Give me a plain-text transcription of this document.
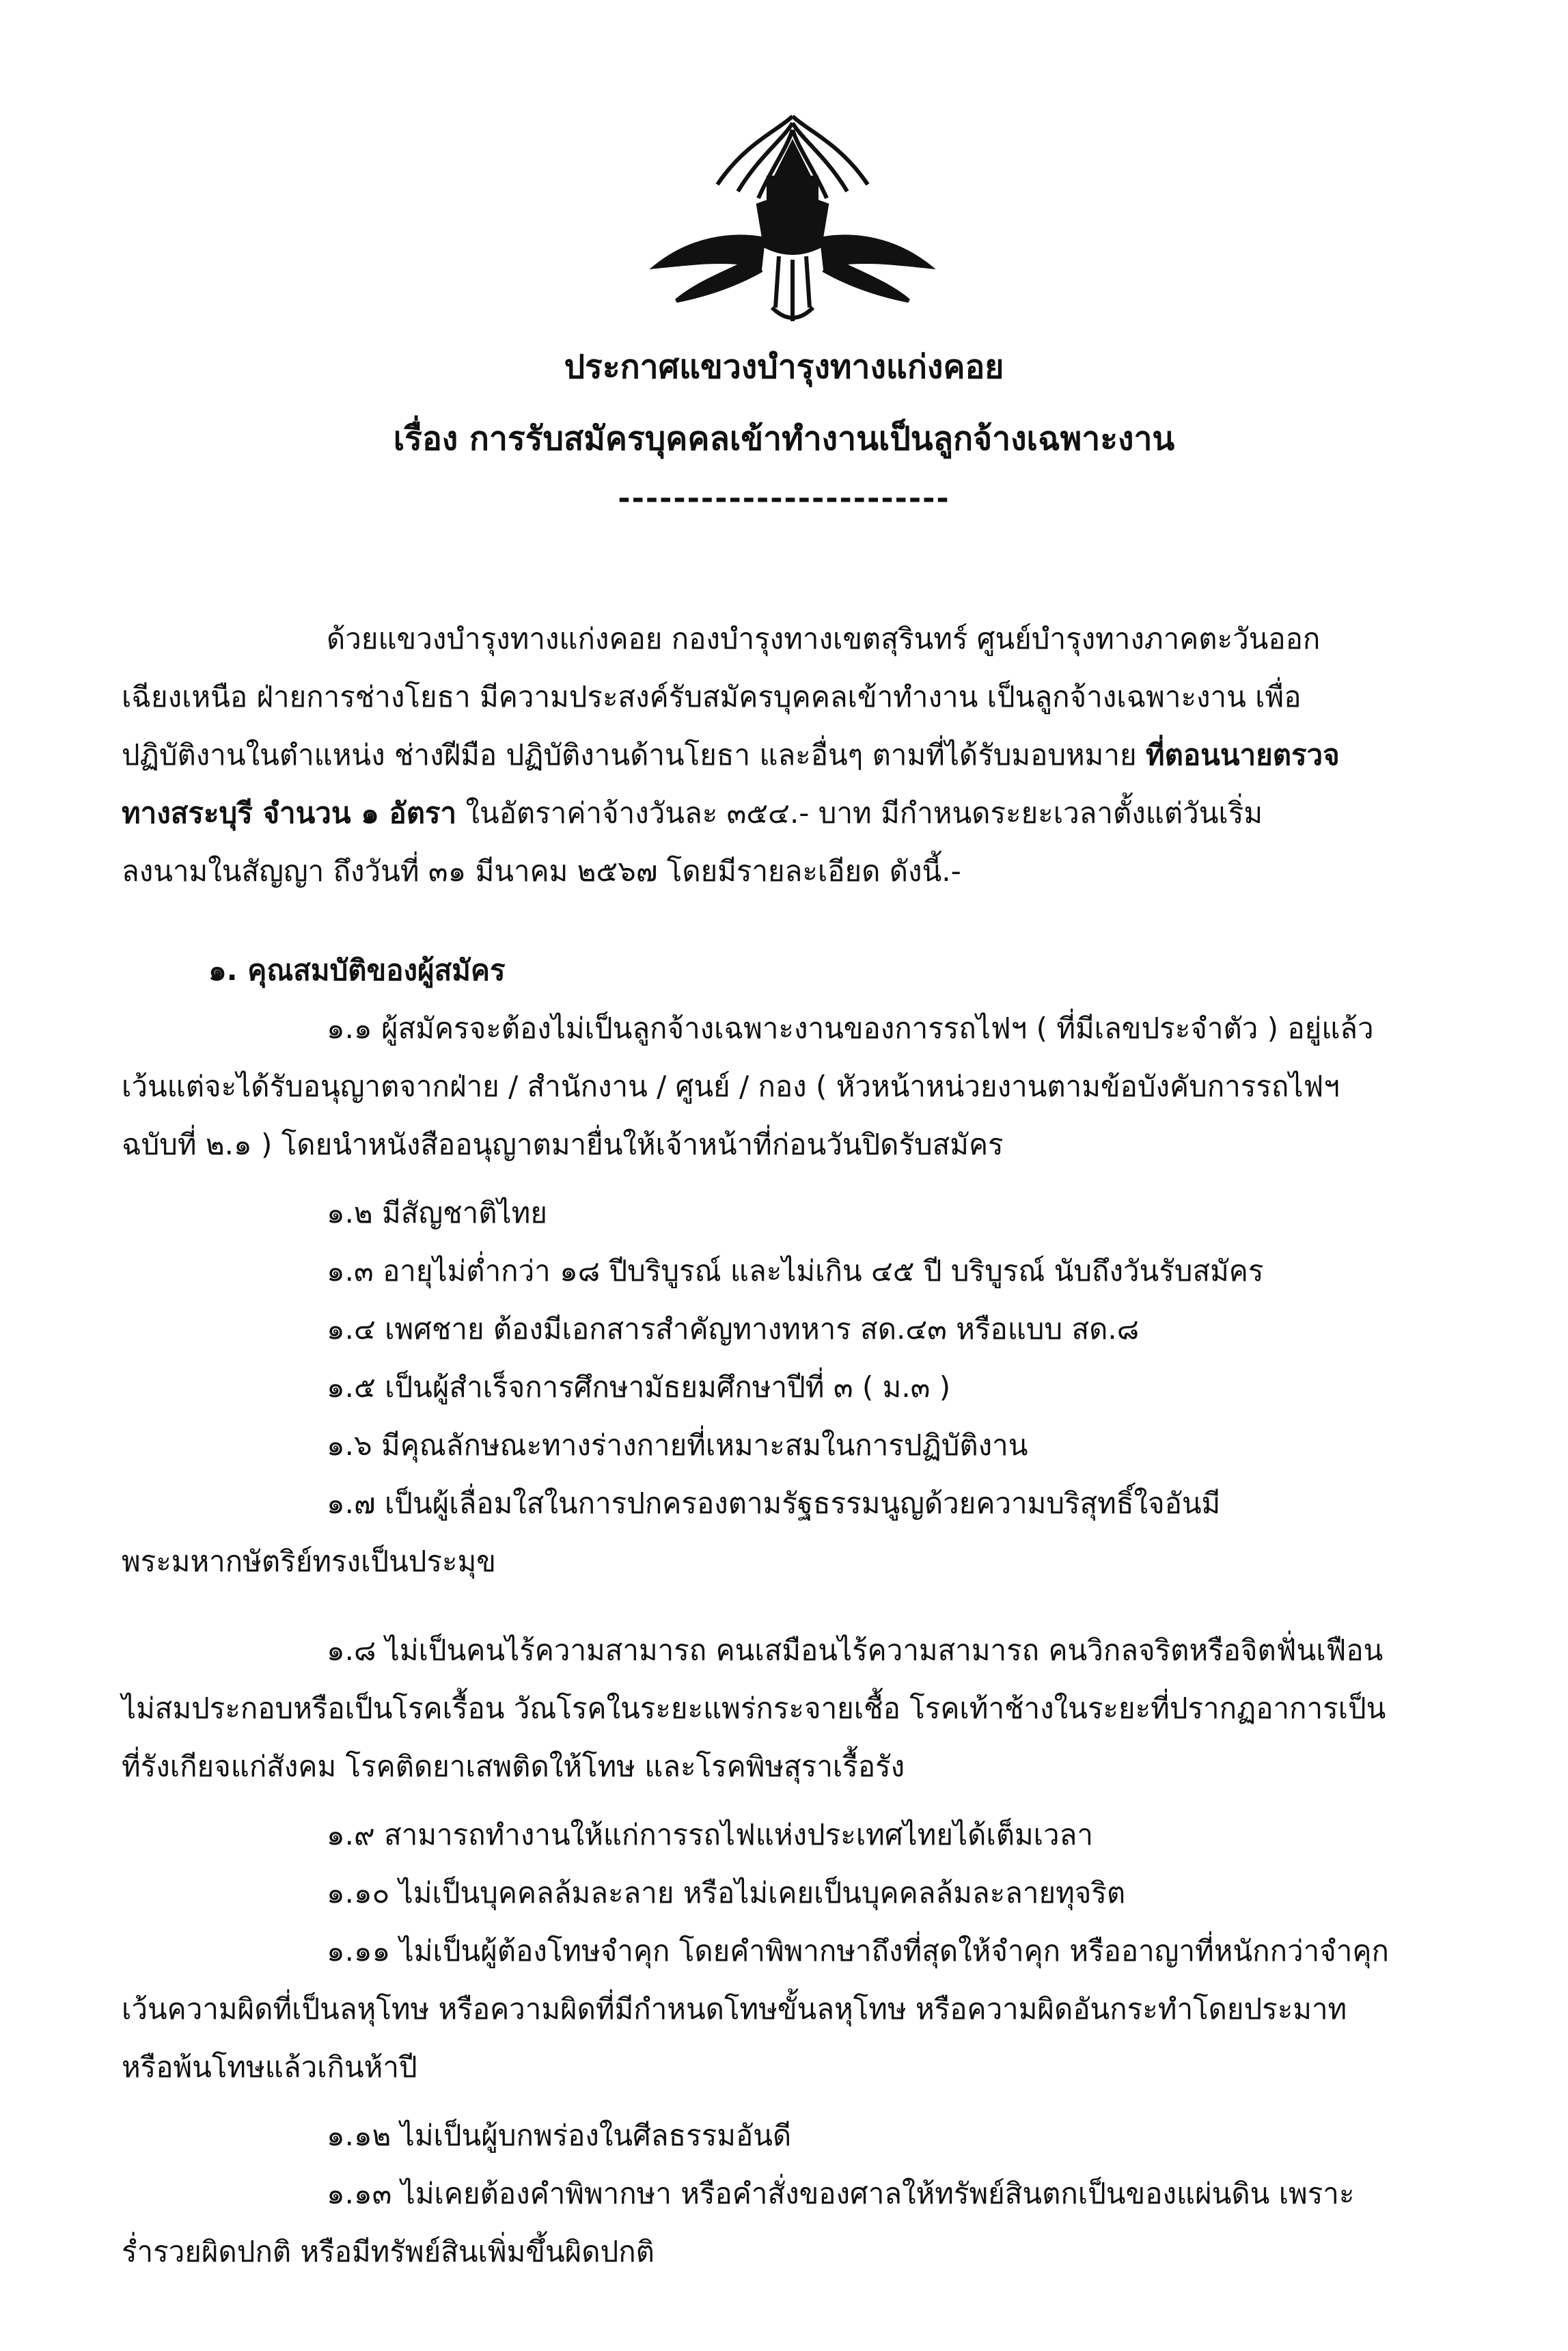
ประกาศแขวงบำรุงทางแก่งคอย
เรื่อง การรับสมัครบุคคลเข้าทำงานเป็นลูกจ้างเฉพาะงาน
------------------------
ด้วยแขวงบำรุงทางแก่งคอย กองบำรุงทางเขตสุรินทร์ ศูนย์บำรุงทางภาคตะวันออก
เฉียงเหนือ ฝ่ายการช่างโยธา มีความประสงค์รับสมัครบุคคลเข้าทำงาน เป็นลูกจ้างเฉพาะงาน เพื่อ
ปฏิบัติงานในตำแหน่ง ช่างฝีมือ ปฏิบัติงานด้านโยธา และอื่นๆ ตามที่ได้รับมอบหมาย ที่ตอนนายตรวจ
ทางสระบุรี จำนวน ๑ อัตรา ในอัตราค่าจ้างวันละ ๓๕๔.- บาท มีกำหนดระยะเวลาตั้งแต่วันเริ่ม
ลงนามในสัญญา ถึงวันที่ ๓๑ มีนาคม ๒๕๖๗ โดยมีรายละเอียด ดังนี้.-
๑. คุณสมบัติของผู้สมัคร
๑.๑ ผู้สมัครจะต้องไม่เป็นลูกจ้างเฉพาะงานของการรถไฟฯ ( ที่มีเลขประจำตัว ) อยู่แล้ว
เว้นแต่จะได้รับอนุญาตจากฝ่าย / สำนักงาน / ศูนย์ / กอง ( หัวหน้าหน่วยงานตามข้อบังคับการรถไฟฯ
ฉบับที่ ๒.๑ ) โดยนำหนังสืออนุญาตมายื่นให้เจ้าหน้าที่ก่อนวันปิดรับสมัคร
๑.๒ มีสัญชาติไทย
๑.๓ อายุไม่ต่ำกว่า ๑๘ ปีบริบูรณ์ และไม่เกิน ๔๕ ปี บริบูรณ์ นับถึงวันรับสมัคร
๑.๔ เพศชาย ต้องมีเอกสารสำคัญทางทหาร สด.๔๓ หรือแบบ สด.๘
๑.๕ เป็นผู้สำเร็จการศึกษามัธยมศึกษาปีที่ ๓ ( ม.๓ )
๑.๖ มีคุณลักษณะทางร่างกายที่เหมาะสมในการปฏิบัติงาน
๑.๗ เป็นผู้เลื่อมใสในการปกครองตามรัฐธรรมนูญด้วยความบริสุทธิ์ใจอันมี
พระมหากษัตริย์ทรงเป็นประมุข
๑.๘ ไม่เป็นคนไร้ความสามารถ คนเสมือนไร้ความสามารถ คนวิกลจริตหรือจิตฟั่นเฟือน
ไม่สมประกอบหรือเป็นโรคเรื้อน วัณโรคในระยะแพร่กระจายเชื้อ โรคเท้าช้างในระยะที่ปรากฏอาการเป็น
ที่รังเกียจแก่สังคม โรคติดยาเสพติดให้โทษ และโรคพิษสุราเรื้อรัง
๑.๙ สามารถทำงานให้แก่การรถไฟแห่งประเทศไทยได้เต็มเวลา
๑.๑๐ ไม่เป็นบุคคลล้มละลาย หรือไม่เคยเป็นบุคคลล้มละลายทุจริต
๑.๑๑ ไม่เป็นผู้ต้องโทษจำคุก โดยคำพิพากษาถึงที่สุดให้จำคุก หรืออาญาที่หนักกว่าจำคุก
เว้นความผิดที่เป็นลหุโทษ หรือความผิดที่มีกำหนดโทษขั้นลหุโทษ หรือความผิดอันกระทำโดยประมาท
หรือพ้นโทษแล้วเกินห้าปี
๑.๑๒ ไม่เป็นผู้บกพร่องในศีลธรรมอันดี
๑.๑๓ ไม่เคยต้องคำพิพากษา หรือคำสั่งของศาลให้ทรัพย์สินตกเป็นของแผ่นดิน เพราะ
ร่ำรวยผิดปกติ หรือมีทรัพย์สินเพิ่มขึ้นผิดปกติ
